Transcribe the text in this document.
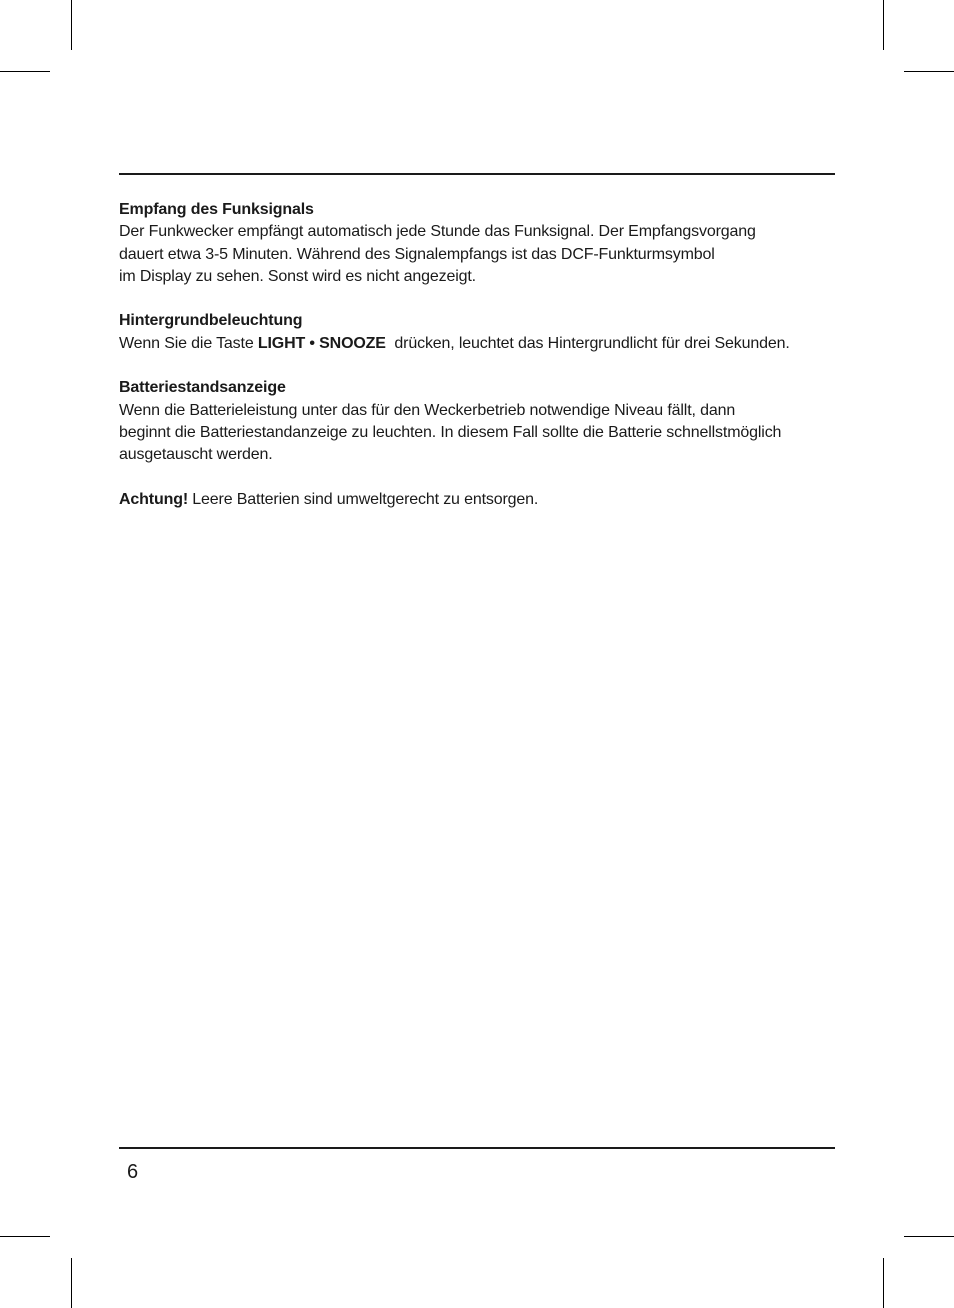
Empfang des Funksignals
Der Funkwecker empfängt automatisch jede Stunde das Funksignal. Der Empfangsvorgang
dauert etwa 3-5 Minuten. Während des Signalempfangs ist das DCF-Funkturmsymbol
im Display zu sehen. Sonst wird es nicht angezeigt.
Hintergrundbeleuchtung
Wenn Sie die Taste LIGHT • SNOOZE  drücken, leuchtet das Hintergrundlicht für drei Sekunden.
Batteriestandsanzeige
Wenn die Batterieleistung unter das für den Weckerbetrieb notwendige Niveau fällt, dann
beginnt die Batteriestandanzeige zu leuchten. In diesem Fall sollte die Batterie schnellstmöglich
ausgetauscht werden.
Achtung! Leere Batterien sind umweltgerecht zu entsorgen.
6
